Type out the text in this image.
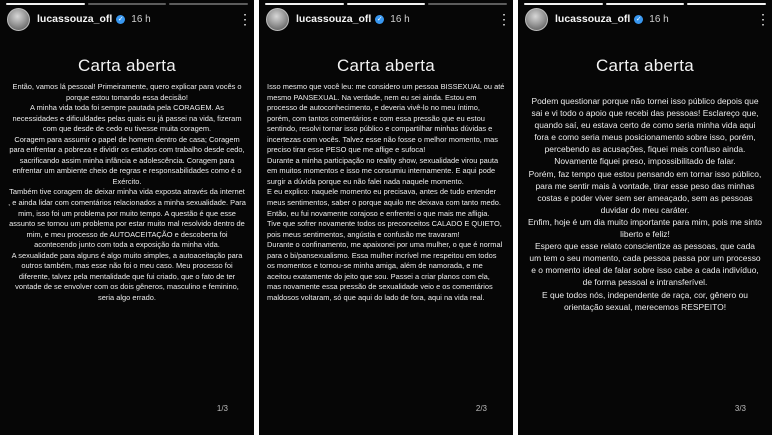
lucassouza_ofl ✓ 16 h	⋮
Carta aberta

Então, vamos lá pessoal! Primeiramente, quero explicar para vocês o porque estou tomando essa decisão!

A minha vida toda foi sempre pautada pela CORAGEM. As necessidades e dificuldades pelas quais eu já passei na vida, fizeram com que desde de cedo eu tivesse muita coragem.

Coragem para assumir o papel de homem dentro de casa; Coragem para enfrentar a pobreza e dividir os estudos com trabalho desde cedo, sacrificando assim minha infância e adolescência. Coragem para enfrentar um ambiente cheio de regras e responsabilidades como é o Exército.

Também tive coragem de deixar minha vida exposta através da internet , e ainda lidar com comentários relacionados a minha sexualidade. Para mim, isso foi um problema por muito tempo. A questão é que esse assunto se tornou um problema por estar muito mal resolvido dentro de mim, e meu processo de AUTOACEITAÇÃO e descoberta foi acontecendo junto com toda a exposição da minha vida.

A sexualidade para alguns é algo muito simples, a autoaceitação para outros também, mas esse não foi o meu caso. Meu processo foi diferente, talvez pela mentalidade que fui criado, que o fato de ter vontade de se envolver com os dois gêneros, masculino e feminino, seria algo errado.

1/3
lucassouza_ofl ✓ 16 h	⋮
Carta aberta

Isso mesmo que você leu: me considero um pessoa BISSEXUAL ou até mesmo PANSEXUAL. Na verdade, nem eu sei ainda. Estou em processo de autoconhecimento, e deveria vivê-lo no meu íntimo, porém, com tantos comentários e com essa pressão que eu estou sentindo, resolvi tornar isso público e compartilhar minhas dúvidas e incertezas com vocês. Talvez esse não fosse o melhor momento, mas preciso tirar esse PESO que me aflige e sufoca!

Durante a minha participação no reality show, sexualidade virou pauta em muitos momentos e isso me consumiu internamente. E aqui pode surgir a dúvida porque eu não falei nada naquele momento.

E eu explico: naquele momento eu precisava, antes de tudo entender meus sentimentos, saber o porque aquilo me deixava com tanto medo. Então, eu fui novamente corajoso e enfrentei o que mais me afligia. Tive que sofrer novamente todos os preconceitos CALADO E QUIETO, pois meus sentimentos, angústia e confusão me travaram!

Durante o confinamento, me apaixonei por uma mulher, o que é normal para o bi/pansexualismo. Essa mulher incrível me respeitou em todos os momentos e tornou-se minha amiga, além de namorada, e me aceitou exatamente do jeito que sou. Passei a criar planos com ela, mas novamente essa pressão de sexualidade veio e os comentários maldosos voltaram, só que aqui do lado de fora, aqui na vida real.

2/3
lucassouza_ofl ✓ 16 h	⋮
Carta aberta

Podem questionar porque não tornei isso público depois que sai e vi todo o apoio que recebi das pessoas! Esclareço que, quando saí, eu estava certo de como seria minha vida aqui fora e como seria meus posicionamento sobre isso, porém, percebendo as acusações, fiquei mais confuso ainda. Novamente fiquei preso, impossibilitado de falar.

Porém, faz tempo que estou pensando em tornar isso público, para me sentir mais à vontade, tirar esse peso das minhas costas e poder viver sem ser ameaçado, sem as pessoas duvidar do meu caráter.

Enfim, hoje é um dia muito importante para mim, pois me sinto liberto e feliz!

Espero que esse relato conscientize as pessoas, que cada um tem o seu momento, cada pessoa passa por um processo e o momento ideal de falar sobre isso cabe a cada indivíduo, de forma pessoal e intransferível.

E que todos nós, independente de raça, cor, gênero ou orientação sexual, merecemos RESPEITO!

3/3
